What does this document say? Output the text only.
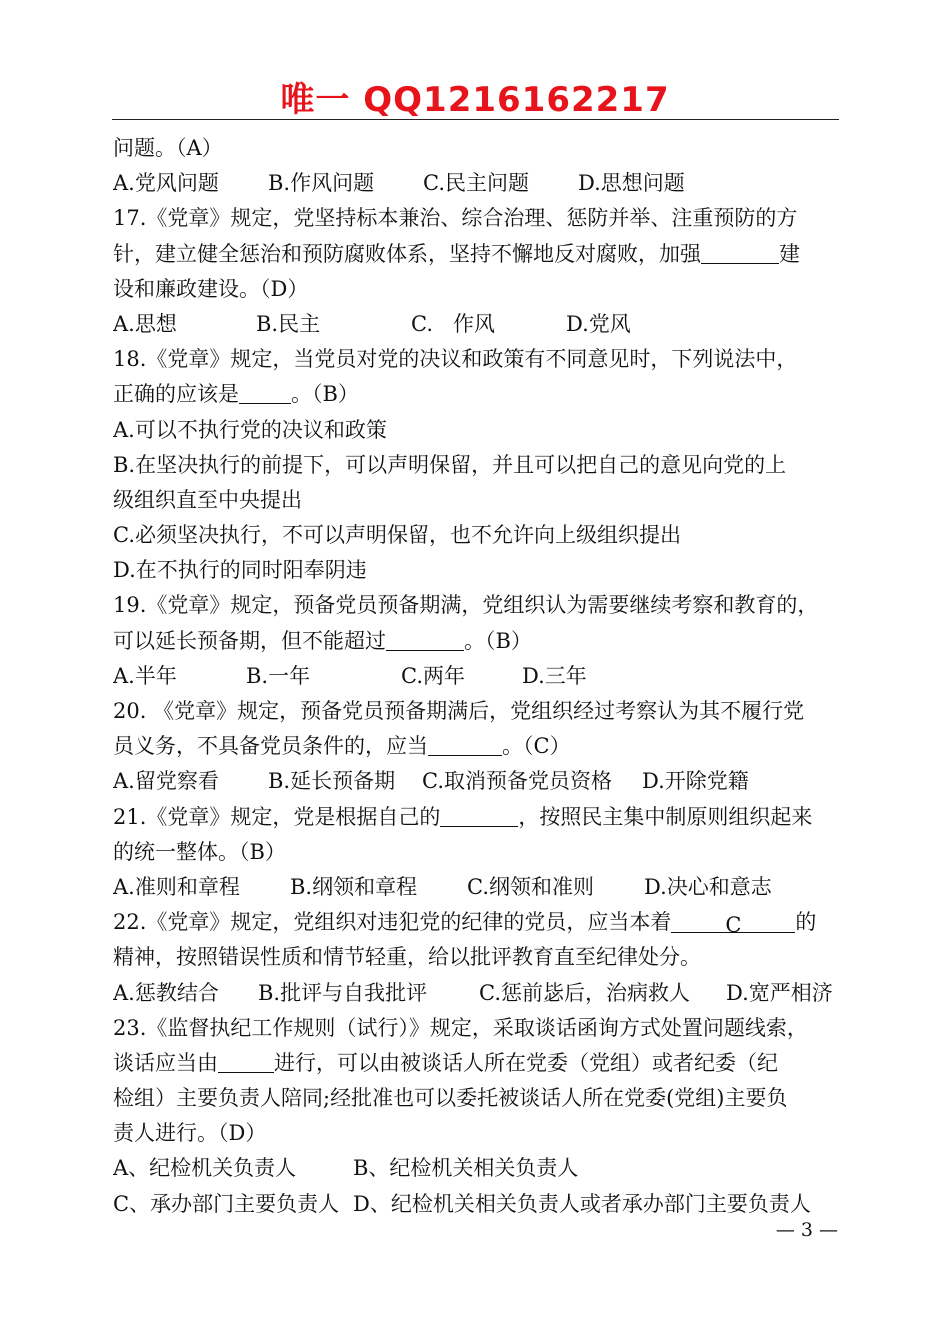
唯一 QQ1216162217
问题。（A）
A.党风问题 B.作风问题 C.民主问题 D.思想问题
17.《党章》规定，党坚持标本兼治、综合治理、惩防并举、注重预防的方
针，建立健全惩治和预防腐败体系，坚持不懈地反对腐败，加强	建
设和廉政建设。（D）
A.思想	B.民主	C.   作风	D.党风
18.《党章》规定，当党员对党的决议和政策有不同意见时，下列说法中，
正确的应该是 。（B）
A.可以不执行党的决议和政策
B.在坚决执行的前提下，可以声明保留，并且可以把自己的意见向党的上
级组织直至中央提出
C.必须坚决执行，不可以声明保留，也不允许向上级组织提出
D.在不执行的同时阳奉阴违
19.《党章》规定，预备党员预备期满，党组织认为需要继续考察和教育的，
可以延长预备期，但不能超过	。（B）
A.半年	B.一年	C.两年	D.三年
20. 《党章》规定，预备党员预备期满后，党组织经过考察认为其不履行党
员义务，不具备党员条件的，应当	。（C）
A.留党察看 B.延长预备期 C.取消预备党员资格 D.开除党籍
21.《党章》规定，党是根据自己的	，按照民主集中制原则组织起来
的统一整体。（B）
A.准则和章程 B.纲领和章程 C.纲领和准则 D.决心和意志
22.《党章》规定，党组织对违犯党的纪律的党员，应当本着	C	的
精神，按照错误性质和情节轻重，给以批评教育直至纪律处分。
A.惩教结合 B.批评与自我批评 C.惩前毖后，治病救人 D.宽严相济
23.《监督执纪工作规则（试行）》规定，采取谈话函询方式处置问题线索，
谈话应当由	进行，可以由被谈话人所在党委（党组）或者纪委（纪
检组）主要负责人陪同;经批准也可以委托被谈话人所在党委(党组)主要负
责人进行。（D）
A、纪检机关负责人	B、纪检机关相关负责人
C、承办部门主要负责人 D、纪检机关相关负责人或者承办部门主要负责人
— 3 —
